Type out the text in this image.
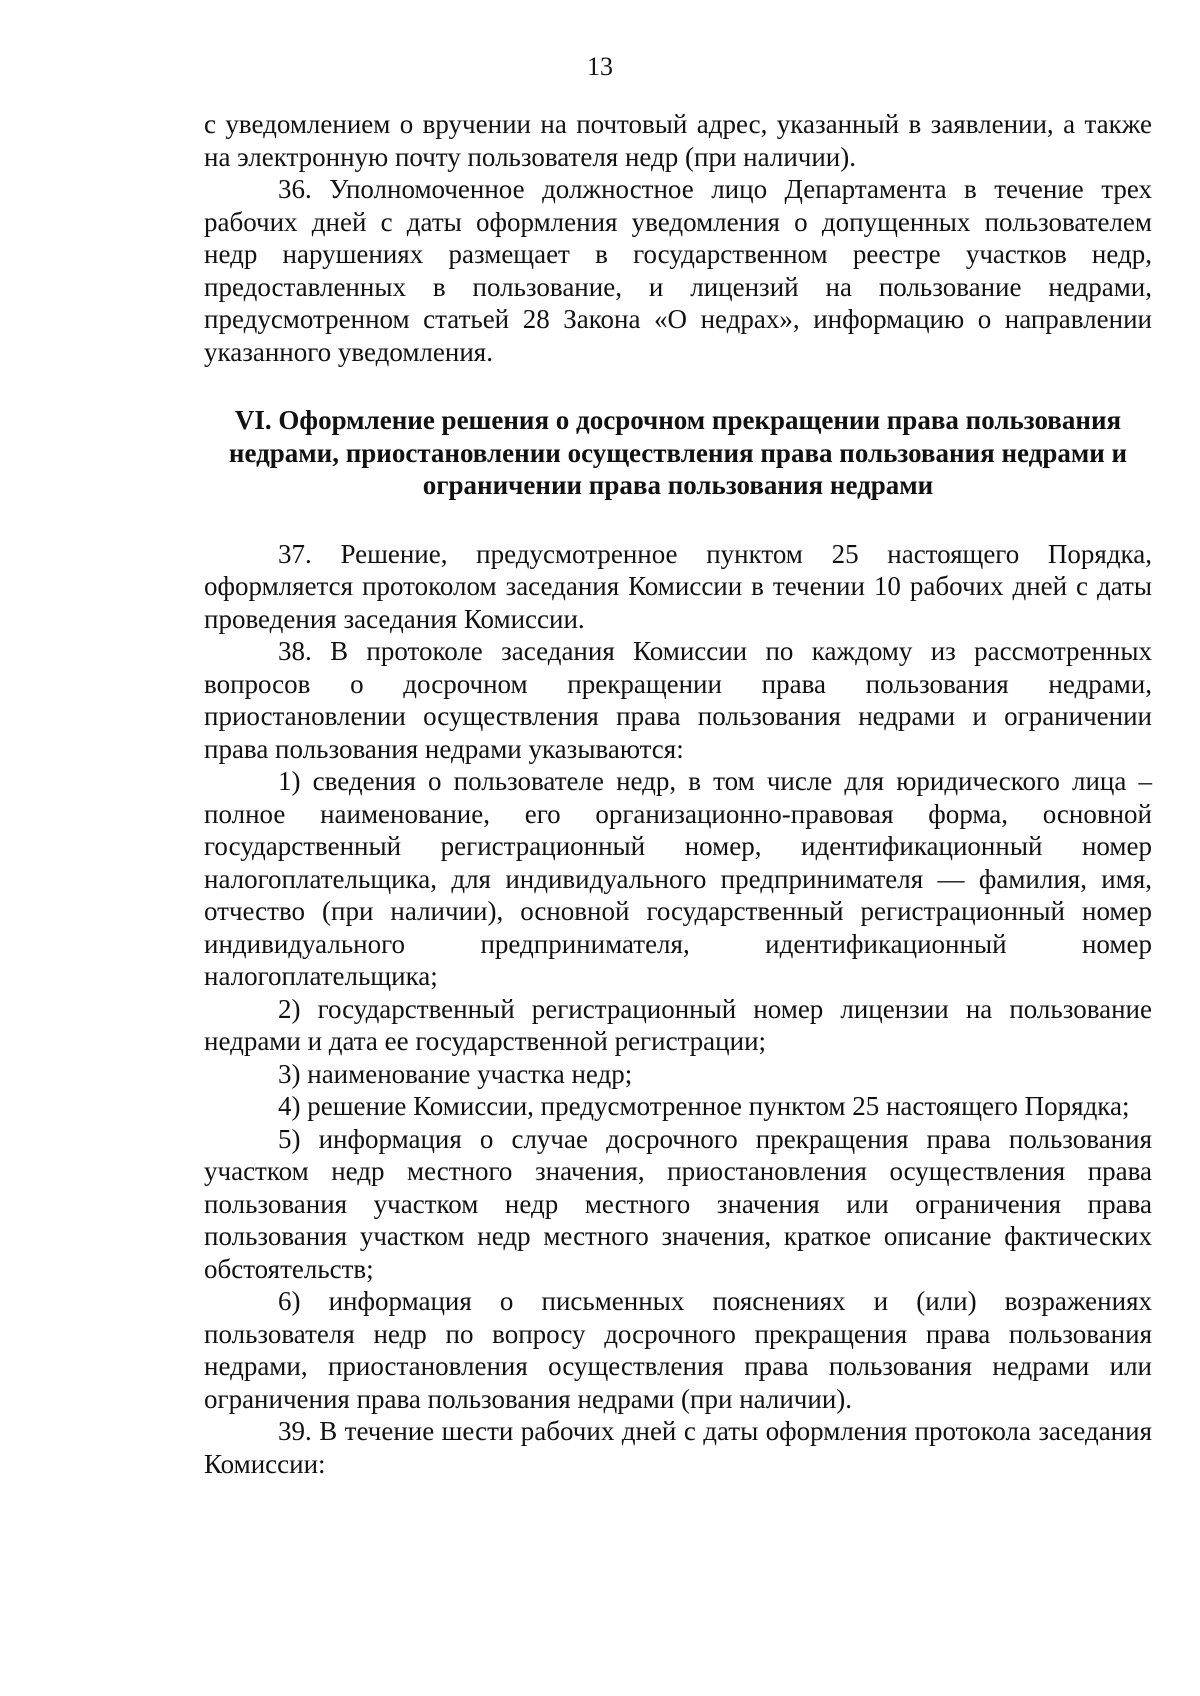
13

с уведомлением о вручении на почтовый адрес, указанный в заявлении, а также на электронную почту пользователя недр (при наличии).

36. Уполномоченное должностное лицо Департамента в течение трех рабочих дней с даты оформления уведомления о допущенных пользователем недр нарушениях размещает в государственном реестре участков недр, предоставленных в пользование, и лицензий на пользование недрами, предусмотренном статьей 28 Закона «О недрах», информацию о направлении указанного уведомления.

VI. Оформление решения о досрочном прекращении права пользования недрами, приостановлении осуществления права пользования недрами и ограничении права пользования недрами

37. Решение, предусмотренное пунктом 25 настоящего Порядка, оформляется протоколом заседания Комиссии в течении 10 рабочих дней с даты проведения заседания Комиссии.

38. В протоколе заседания Комиссии по каждому из рассмотренных вопросов о досрочном прекращении права пользования недрами, приостановлении осуществления права пользования недрами и ограничении права пользования недрами указываются:

1) сведения о пользователе недр, в том числе для юридического лица – полное наименование, его организационно-правовая форма, основной государственный регистрационный номер, идентификационный номер налогоплательщика, для индивидуального предпринимателя — фамилия, имя, отчество (при наличии), основной государственный регистрационный номер индивидуального предпринимателя, идентификационный номер налогоплательщика;

2) государственный регистрационный номер лицензии на пользование недрами и дата ее государственной регистрации;

3) наименование участка недр;

4) решение Комиссии, предусмотренное пунктом 25 настоящего Порядка;

5) информация о случае досрочного прекращения права пользования участком недр местного значения, приостановления осуществления права пользования участком недр местного значения или ограничения права пользования участком недр местного значения, краткое описание фактических обстоятельств;

6) информация о письменных пояснениях и (или) возражениях пользователя недр по вопросу досрочного прекращения права пользования недрами, приостановления осуществления права пользования недрами или ограничения права пользования недрами (при наличии).

39. В течение шести рабочих дней с даты оформления протокола заседания Комиссии:
